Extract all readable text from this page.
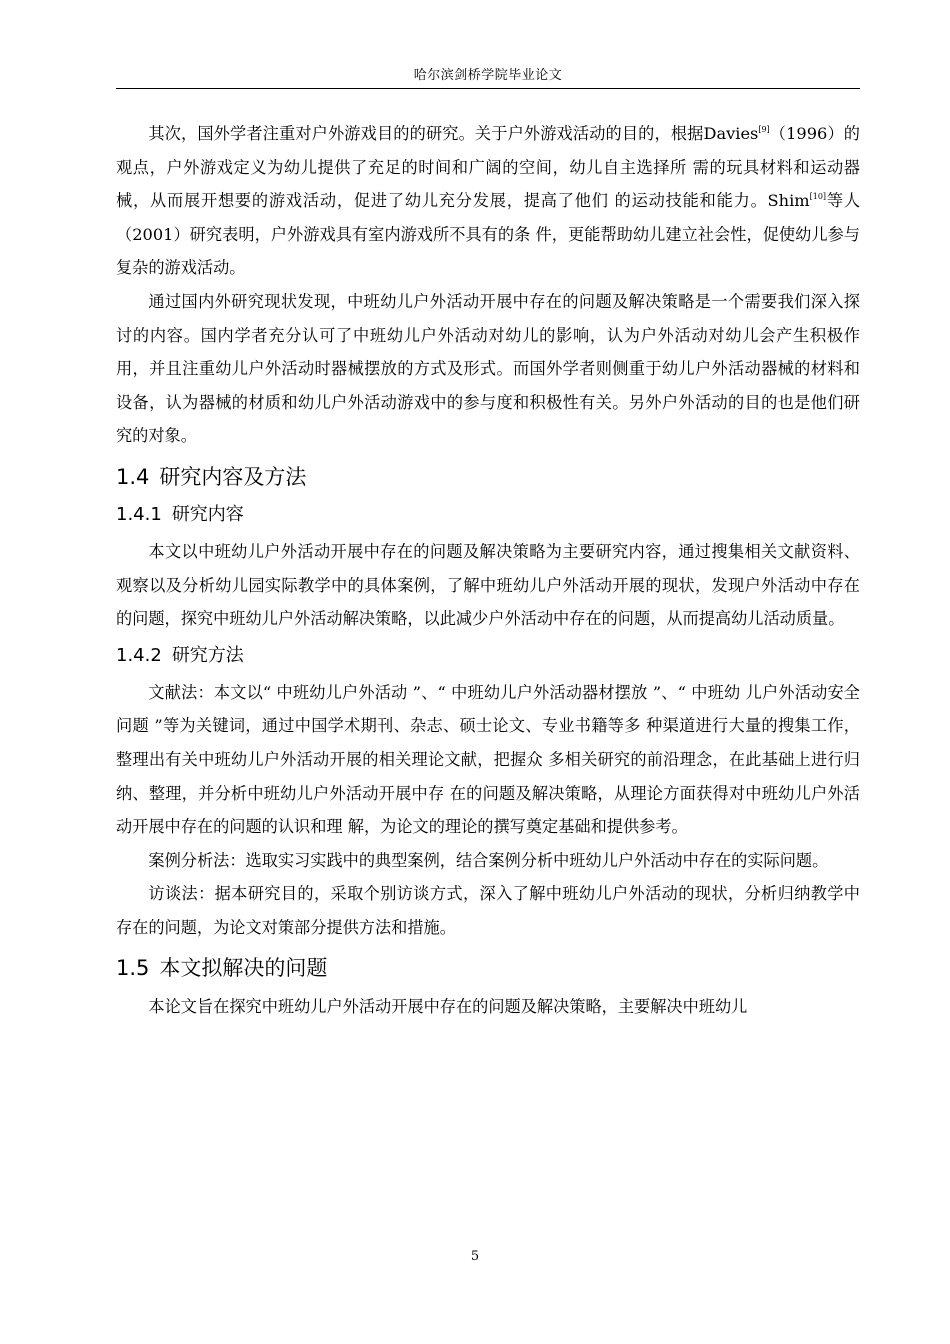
哈尔滨剑桥学院毕业论文

其次，国外学者注重对户外游戏目的的研究。关于户外游戏活动的目的，根据Davies[9]（1996）的观点，户外游戏定义为幼儿提供了充足的时间和广阔的空间，幼儿自主选择所 需的玩具材料和运动器械，从而展开想要的游戏活动，促进了幼儿充分发展，提高了他们 的运动技能和能力。Shim[10]等人（2001）研究表明，户外游戏具有室内游戏所不具有的条 件，更能帮助幼儿建立社会性，促使幼儿参与复杂的游戏活动。

通过国内外研究现状发现，中班幼儿户外活动开展中存在的问题及解决策略是一个需要我们深入探讨的内容。国内学者充分认可了中班幼儿户外活动对幼儿的影响，认为户外活动对幼儿会产生积极作用，并且注重幼儿户外活动时器械摆放的方式及形式。而国外学者则侧重于幼儿户外活动器械的材料和设备，认为器械的材质和幼儿户外活动游戏中的参与度和积极性有关。另外户外活动的目的也是他们研究的对象。

1.4 研究内容及方法
1.4.1 研究内容

本文以中班幼儿户外活动开展中存在的问题及解决策略为主要研究内容，通过搜集相关文献资料、观察以及分析幼儿园实际教学中的具体案例，了解中班幼儿户外活动开展的现状，发现户外活动中存在的问题，探究中班幼儿户外活动解决策略，以此减少户外活动中存在的问题，从而提高幼儿活动质量。

1.4.2 研究方法

文献法：本文以“ 中班幼儿户外活动 ”、“ 中班幼儿户外活动器材摆放 ”、“ 中班幼 儿户外活动安全问题 ”等为关键词，通过中国学术期刊、杂志、硕士论文、专业书籍等多 种渠道进行大量的搜集工作，整理出有关中班幼儿户外活动开展的相关理论文献，把握众 多相关研究的前沿理念，在此基础上进行归纳、整理，并分析中班幼儿户外活动开展中存 在的问题及解决策略，从理论方面获得对中班幼儿户外活动开展中存在的问题的认识和理 解，为论文的理论的撰写奠定基础和提供参考。

案例分析法：选取实习实践中的典型案例，结合案例分析中班幼儿户外活动中存在的实际问题。

访谈法：据本研究目的，采取个别访谈方式，深入了解中班幼儿户外活动的现状，分析归纳教学中存在的问题，为论文对策部分提供方法和措施。

1.5 本文拟解决的问题

本论文旨在探究中班幼儿户外活动开展中存在的问题及解决策略，主要解决中班幼儿

5
